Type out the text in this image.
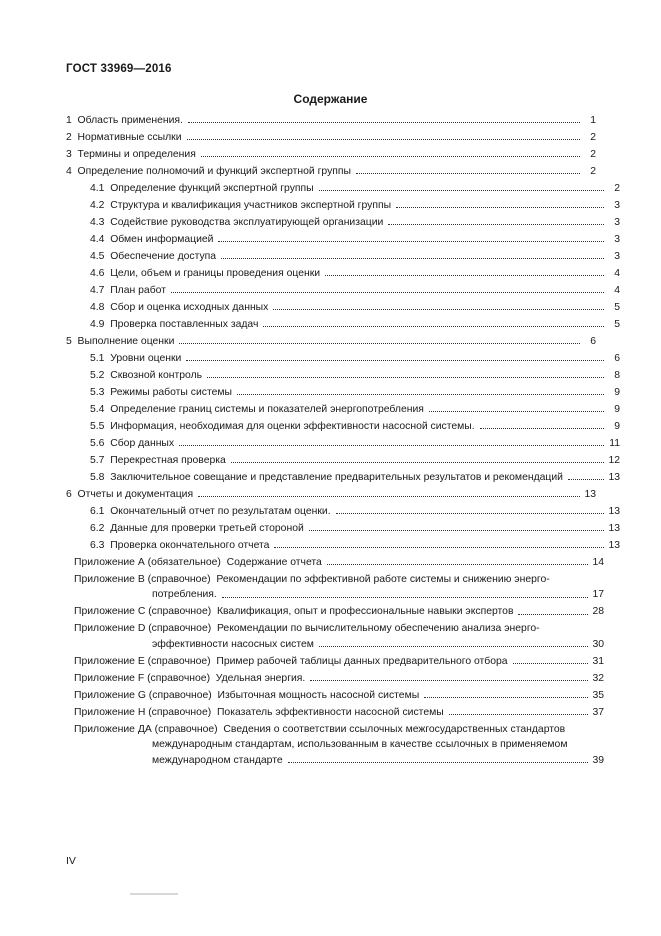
ГОСТ 33969—2016
Содержание
1  Область применения.	1
2  Нормативные ссылки	2
3  Термины и определения	2
4  Определение полномочий и функций экспертной группы	2
4.1  Определение функций экспертной группы	2
4.2  Структура и квалификация участников экспертной группы	3
4.3  Содействие руководства эксплуатирующей организации	3
4.4  Обмен информацией	3
4.5  Обеспечение доступа	3
4.6  Цели, объем и границы проведения оценки	4
4.7  План работ	4
4.8  Сбор и оценка исходных данных	5
4.9  Проверка поставленных задач	5
5  Выполнение оценки	6
5.1  Уровни оценки	6
5.2  Сквозной контроль	8
5.3  Режимы работы системы	9
5.4  Определение границ системы и показателей энергопотребления	9
5.5  Информация, необходимая для оценки эффективности насосной системы.	9
5.6  Сбор данных	11
5.7  Перекрестная проверка	12
5.8  Заключительное совещание и представление предварительных результатов и рекомендаций	13
6  Отчеты и документация	13
6.1  Окончательный отчет по результатам оценки.	13
6.2  Данные для проверки третьей стороной	13
6.3  Проверка окончательного отчета	13
Приложение А (обязательное)  Содержание отчета	14
Приложение В (справочное)  Рекомендации по эффективной работе системы и снижению энерго-
потребления.	17
Приложение С (справочное)  Квалификация, опыт и профессиональные навыки экспертов	28
Приложение D (справочное)  Рекомендации по вычислительному обеспечению анализа энерго-
эффективности насосных систем	30
Приложение Е (справочное)  Пример рабочей таблицы данных предварительного отбора	31
Приложение F (справочное)  Удельная энергия.	32
Приложение G (справочное)  Избыточная мощность насосной системы	35
Приложение Н (справочное)  Показатель эффективности насосной системы	37
Приложение ДА (справочное)  Сведения о соответствии ссылочных межгосударственных стандартов
международным стандартам, использованным в качестве ссылочных в применяемом
международном стандарте	39
IV
